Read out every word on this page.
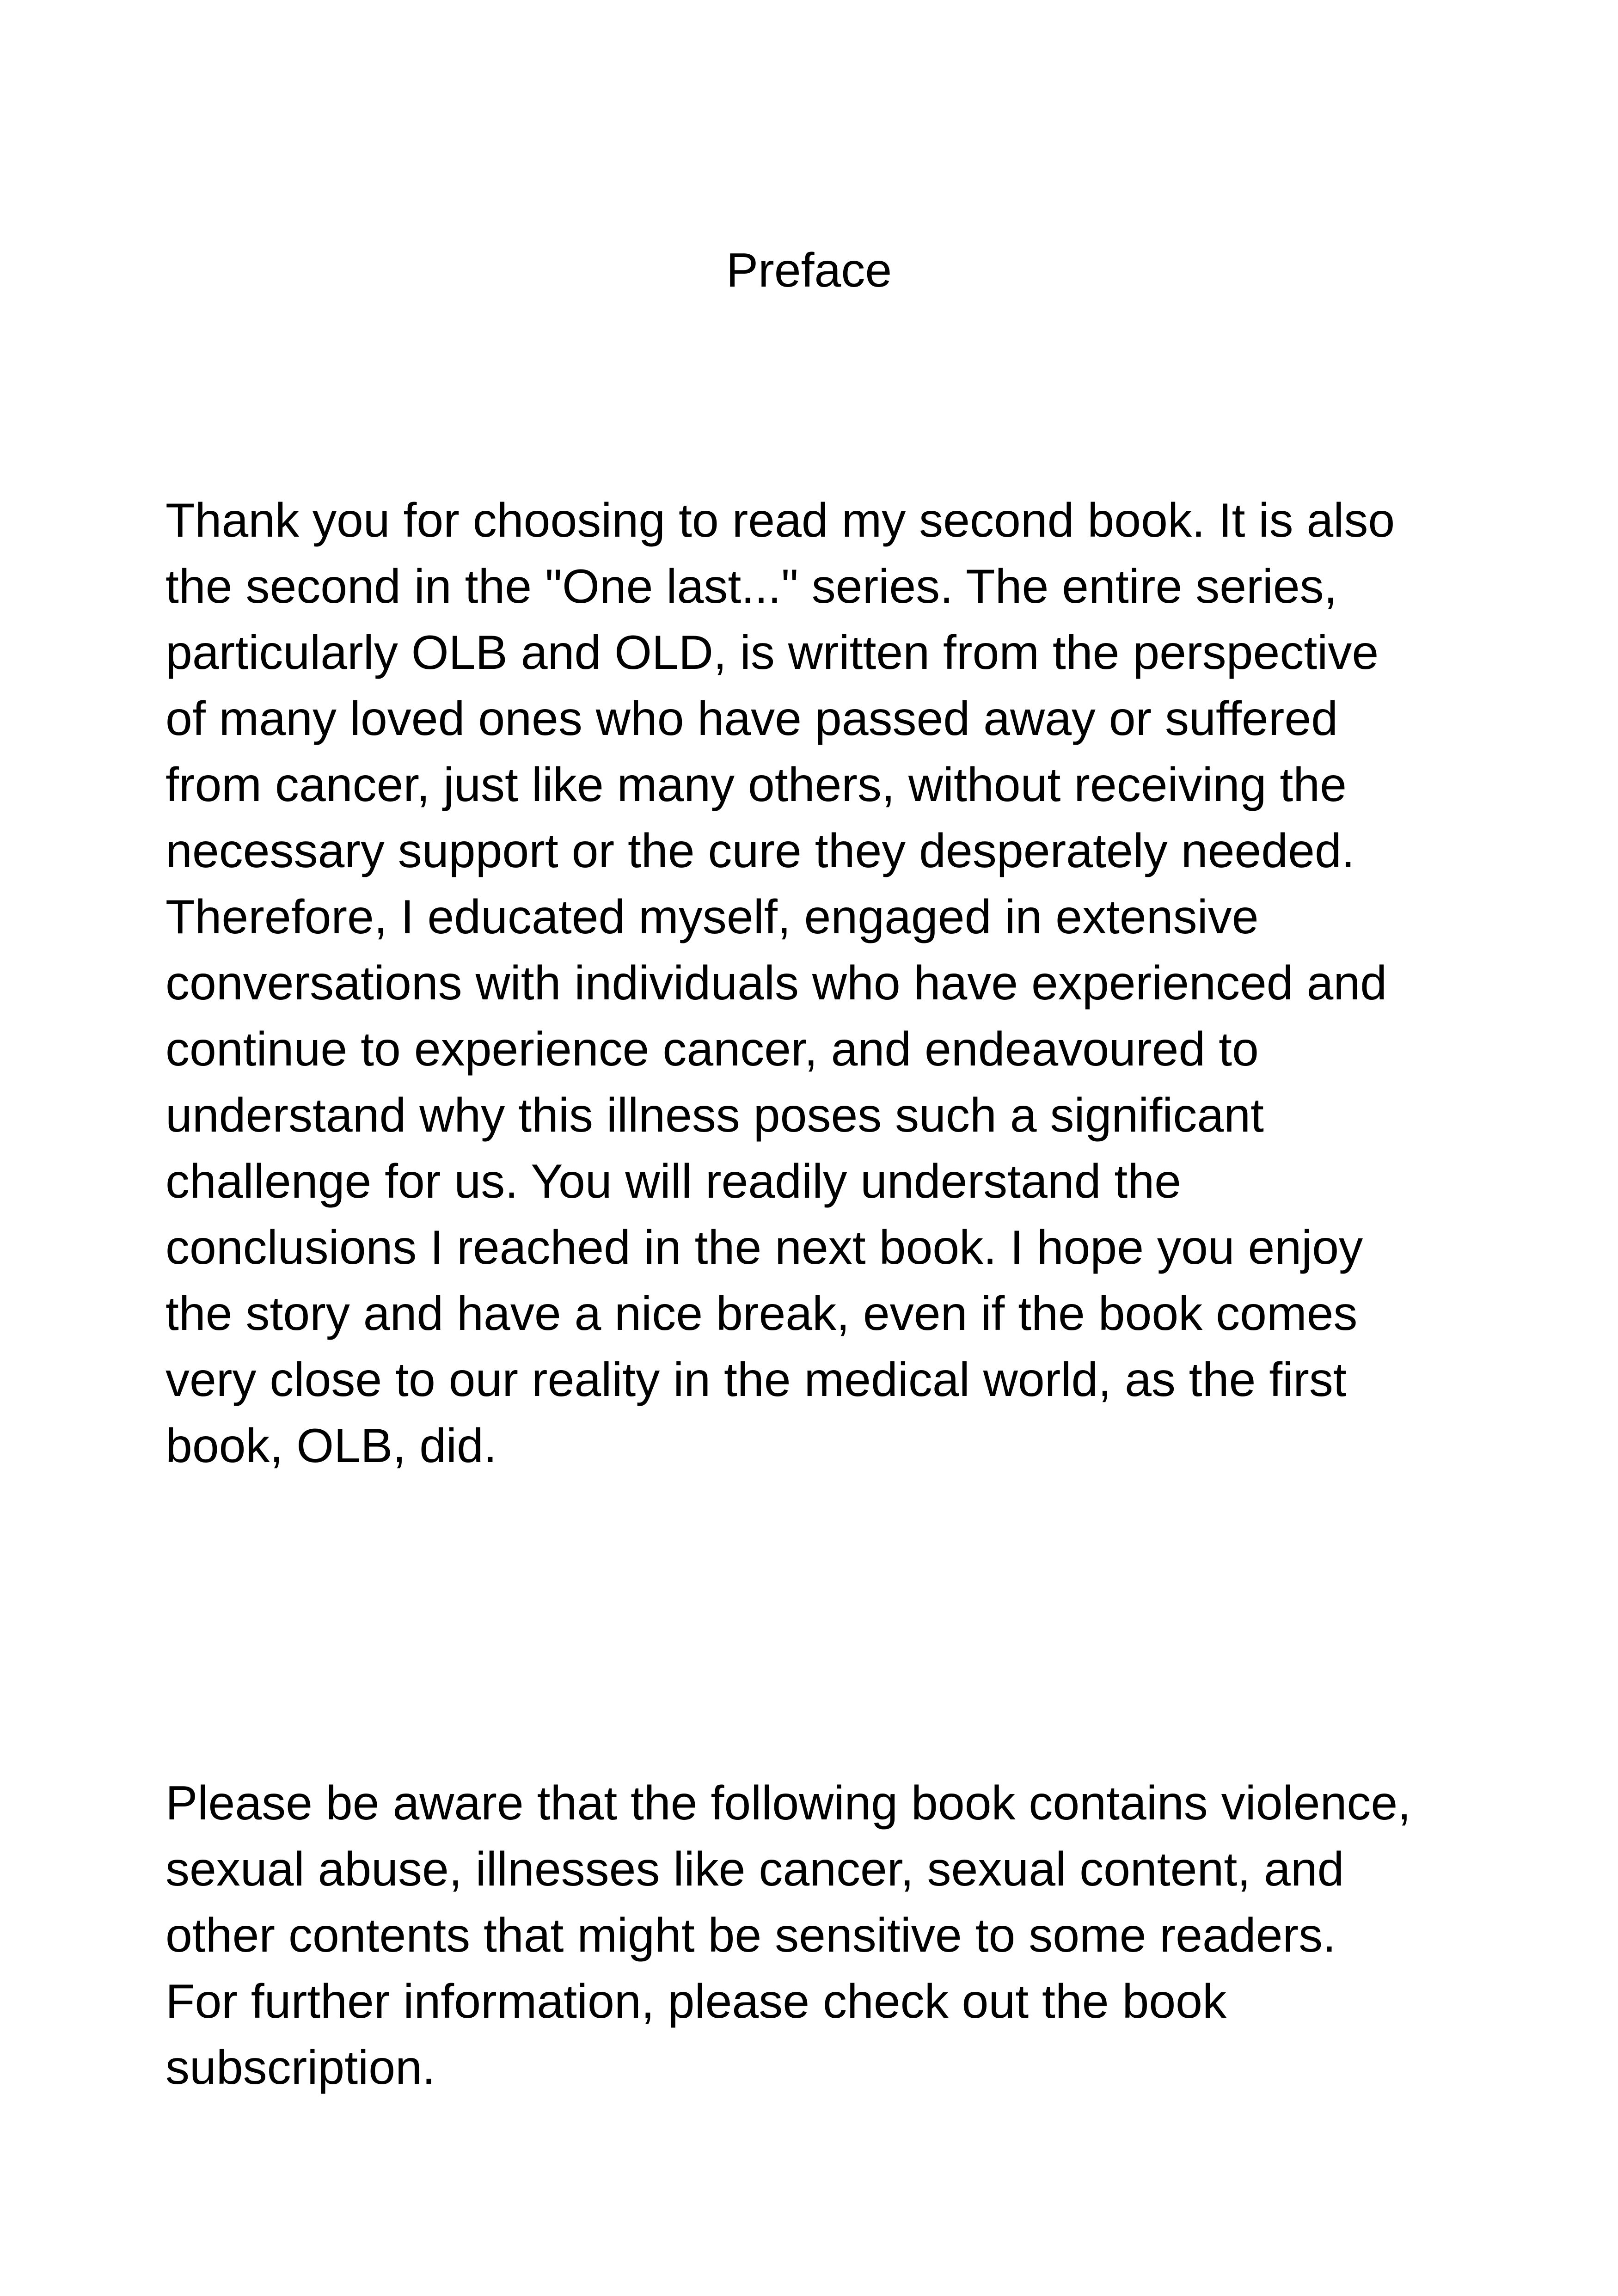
Preface

Thank you for choosing to read my second book. It is also
the second in the "One last..." series. The entire series,
particularly OLB and OLD, is written from the perspective
of many loved ones who have passed away or suffered
from cancer, just like many others, without receiving the
necessary support or the cure they desperately needed.
Therefore, I educated myself, engaged in extensive
conversations with individuals who have experienced and
continue to experience cancer, and endeavoured to
understand why this illness poses such a significant
challenge for us. You will readily understand the
conclusions I reached in the next book. I hope you enjoy
the story and have a nice break, even if the book comes
very close to our reality in the medical world, as the first
book, OLB, did.

Please be aware that the following book contains violence,
sexual abuse, illnesses like cancer, sexual content, and
other contents that might be sensitive to some readers.
For further information, please check out the book
subscription.
